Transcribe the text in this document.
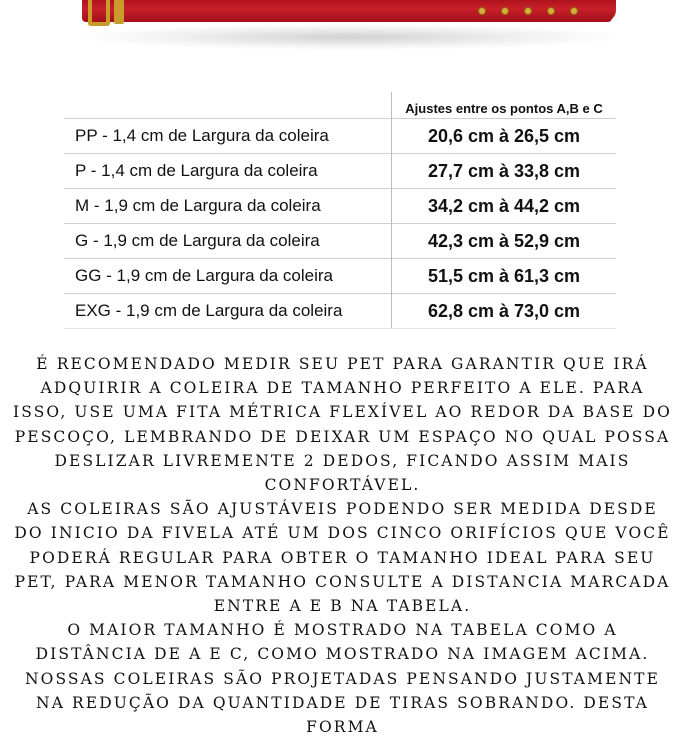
	Ajustes entre os pontos A,B e C
PP - 1,4 cm de Largura da coleira	20,6 cm à 26,5 cm
P - 1,4 cm de Largura da coleira	27,7 cm à 33,8 cm
M - 1,9 cm de Largura da coleira	34,2 cm à 44,2 cm
G - 1,9 cm de Largura da coleira	42,3 cm à 52,9 cm
GG - 1,9 cm de Largura da coleira	51,5 cm à 61,3 cm
EXG - 1,9 cm de Largura da coleira	62,8 cm à 73,0 cm

É RECOMENDADO MEDIR SEU PET PARA GARANTIR QUE IRÁ ADQUIRIR A COLEIRA DE TAMANHO PERFEITO A ELE. PARA ISSO, USE UMA FITA MÉTRICA FLEXÍVEL AO REDOR DA BASE DO PESCOÇO, LEMBRANDO DE DEIXAR UM ESPAÇO NO QUAL POSSA DESLIZAR LIVREMENTE 2 DEDOS, FICANDO ASSIM MAIS CONFORTÁVEL.

AS COLEIRAS SÃO AJUSTÁVEIS PODENDO SER MEDIDA DESDE DO INICIO DA FIVELA ATÉ UM DOS CINCO ORIFÍCIOS QUE VOCÊ PODERÁ REGULAR PARA OBTER O TAMANHO IDEAL PARA SEU PET, PARA MENOR TAMANHO CONSULTE A DISTANCIA MARCADA ENTRE A E B NA TABELA.

O MAIOR TAMANHO É MOSTRADO NA TABELA COMO A DISTÂNCIA DE A E C, COMO MOSTRADO NA IMAGEM ACIMA. NOSSAS COLEIRAS SÃO PROJETADAS PENSANDO JUSTAMENTE NA REDUÇÃO DA QUANTIDADE DE TIRAS SOBRANDO. DESTA FORMA
